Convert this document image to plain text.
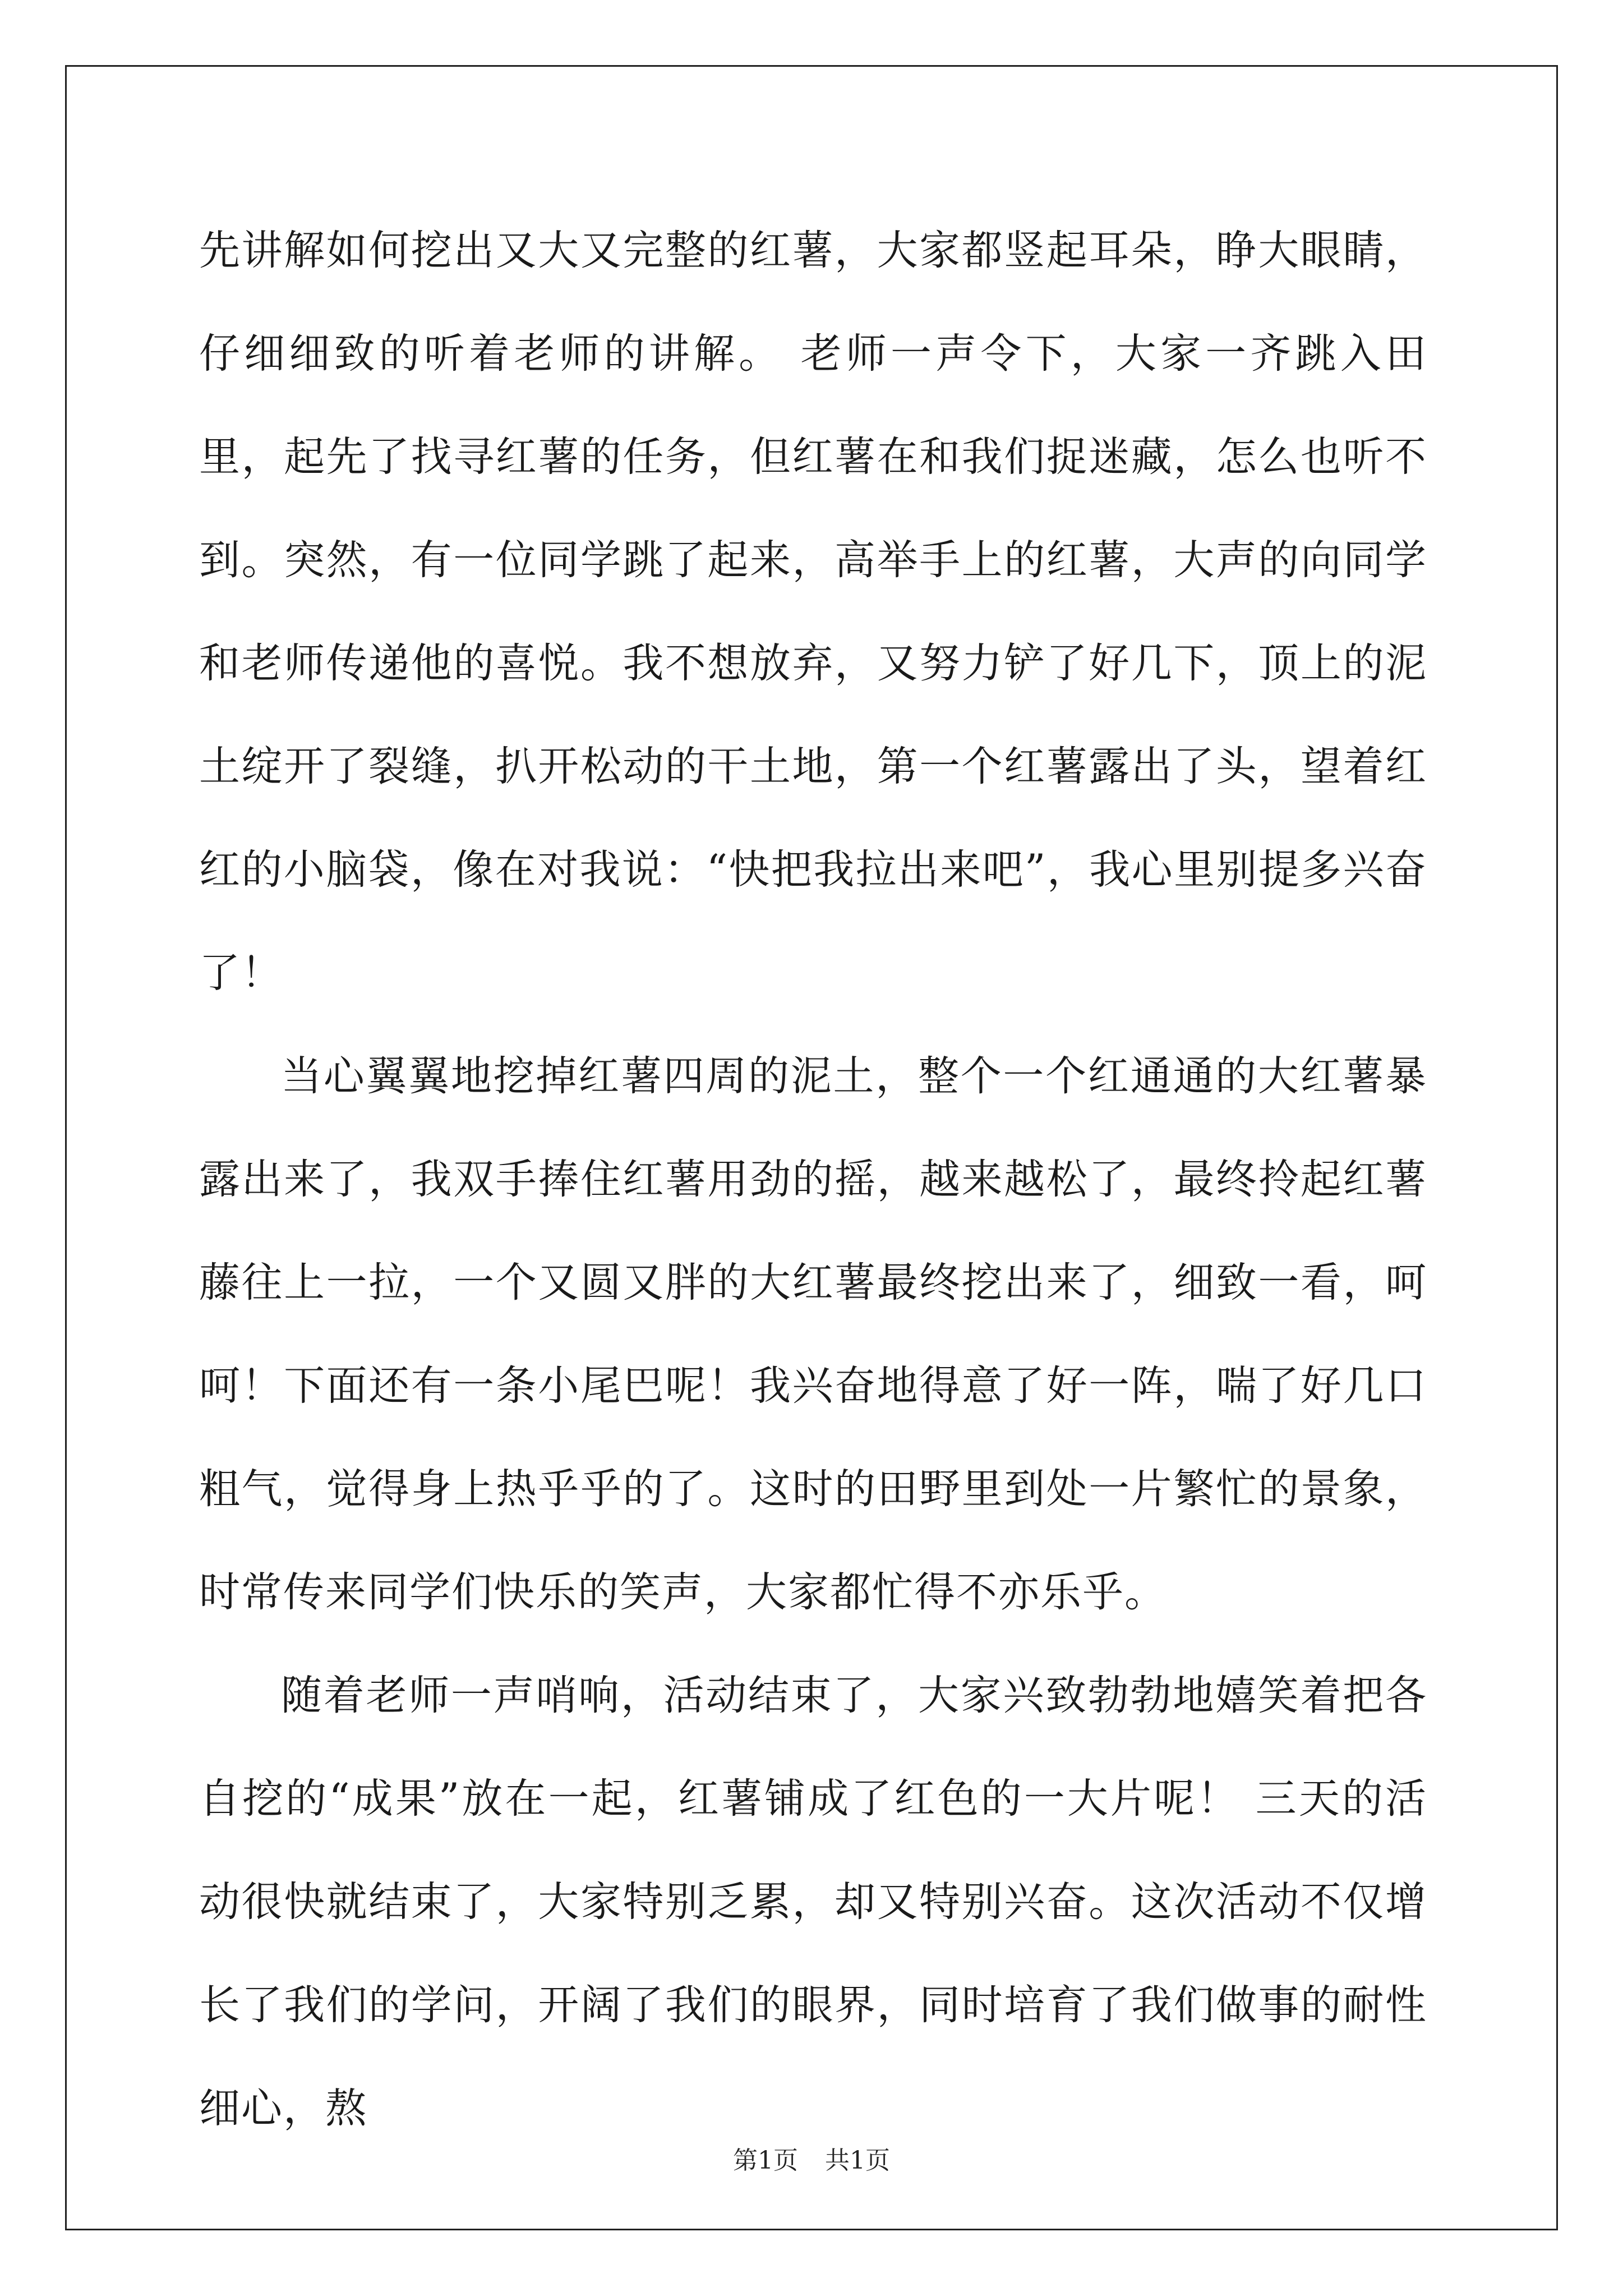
先讲解如何挖出又大又完整的红薯，大家都竖起耳朵，睁大眼睛，仔细细致的听着老师的讲解。 老师一声令下，大家一齐跳入田里，起先了找寻红薯的任务，但红薯在和我们捉迷藏，怎么也听不到。突然，有一位同学跳了起来，高举手上的红薯，大声的向同学和老师传递他的喜悦。我不想放弃，又努力铲了好几下，顶上的泥土绽开了裂缝，扒开松动的干土地，第一个红薯露出了头，望着红红的小脑袋，像在对我说：“快把我拉出来吧”，我心里别提多兴奋了！

当心翼翼地挖掉红薯四周的泥土，整个一个红通通的大红薯暴露出来了，我双手捧住红薯用劲的摇，越来越松了，最终拎起红薯藤往上一拉，一个又圆又胖的大红薯最终挖出来了，细致一看，呵呵！下面还有一条小尾巴呢！我兴奋地得意了好一阵，喘了好几口粗气，觉得身上热乎乎的了。这时的田野里到处一片繁忙的景象，时常传来同学们快乐的笑声，大家都忙得不亦乐乎。

随着老师一声哨响，活动结束了，大家兴致勃勃地嬉笑着把各自挖的“成果”放在一起，红薯铺成了红色的一大片呢！ 三天的活动很快就结束了，大家特别乏累，却又特别兴奋。这次活动不仅增长了我们的学问，开阔了我们的眼界，同时培育了我们做事的耐性细心，熬

第1页 共1页
